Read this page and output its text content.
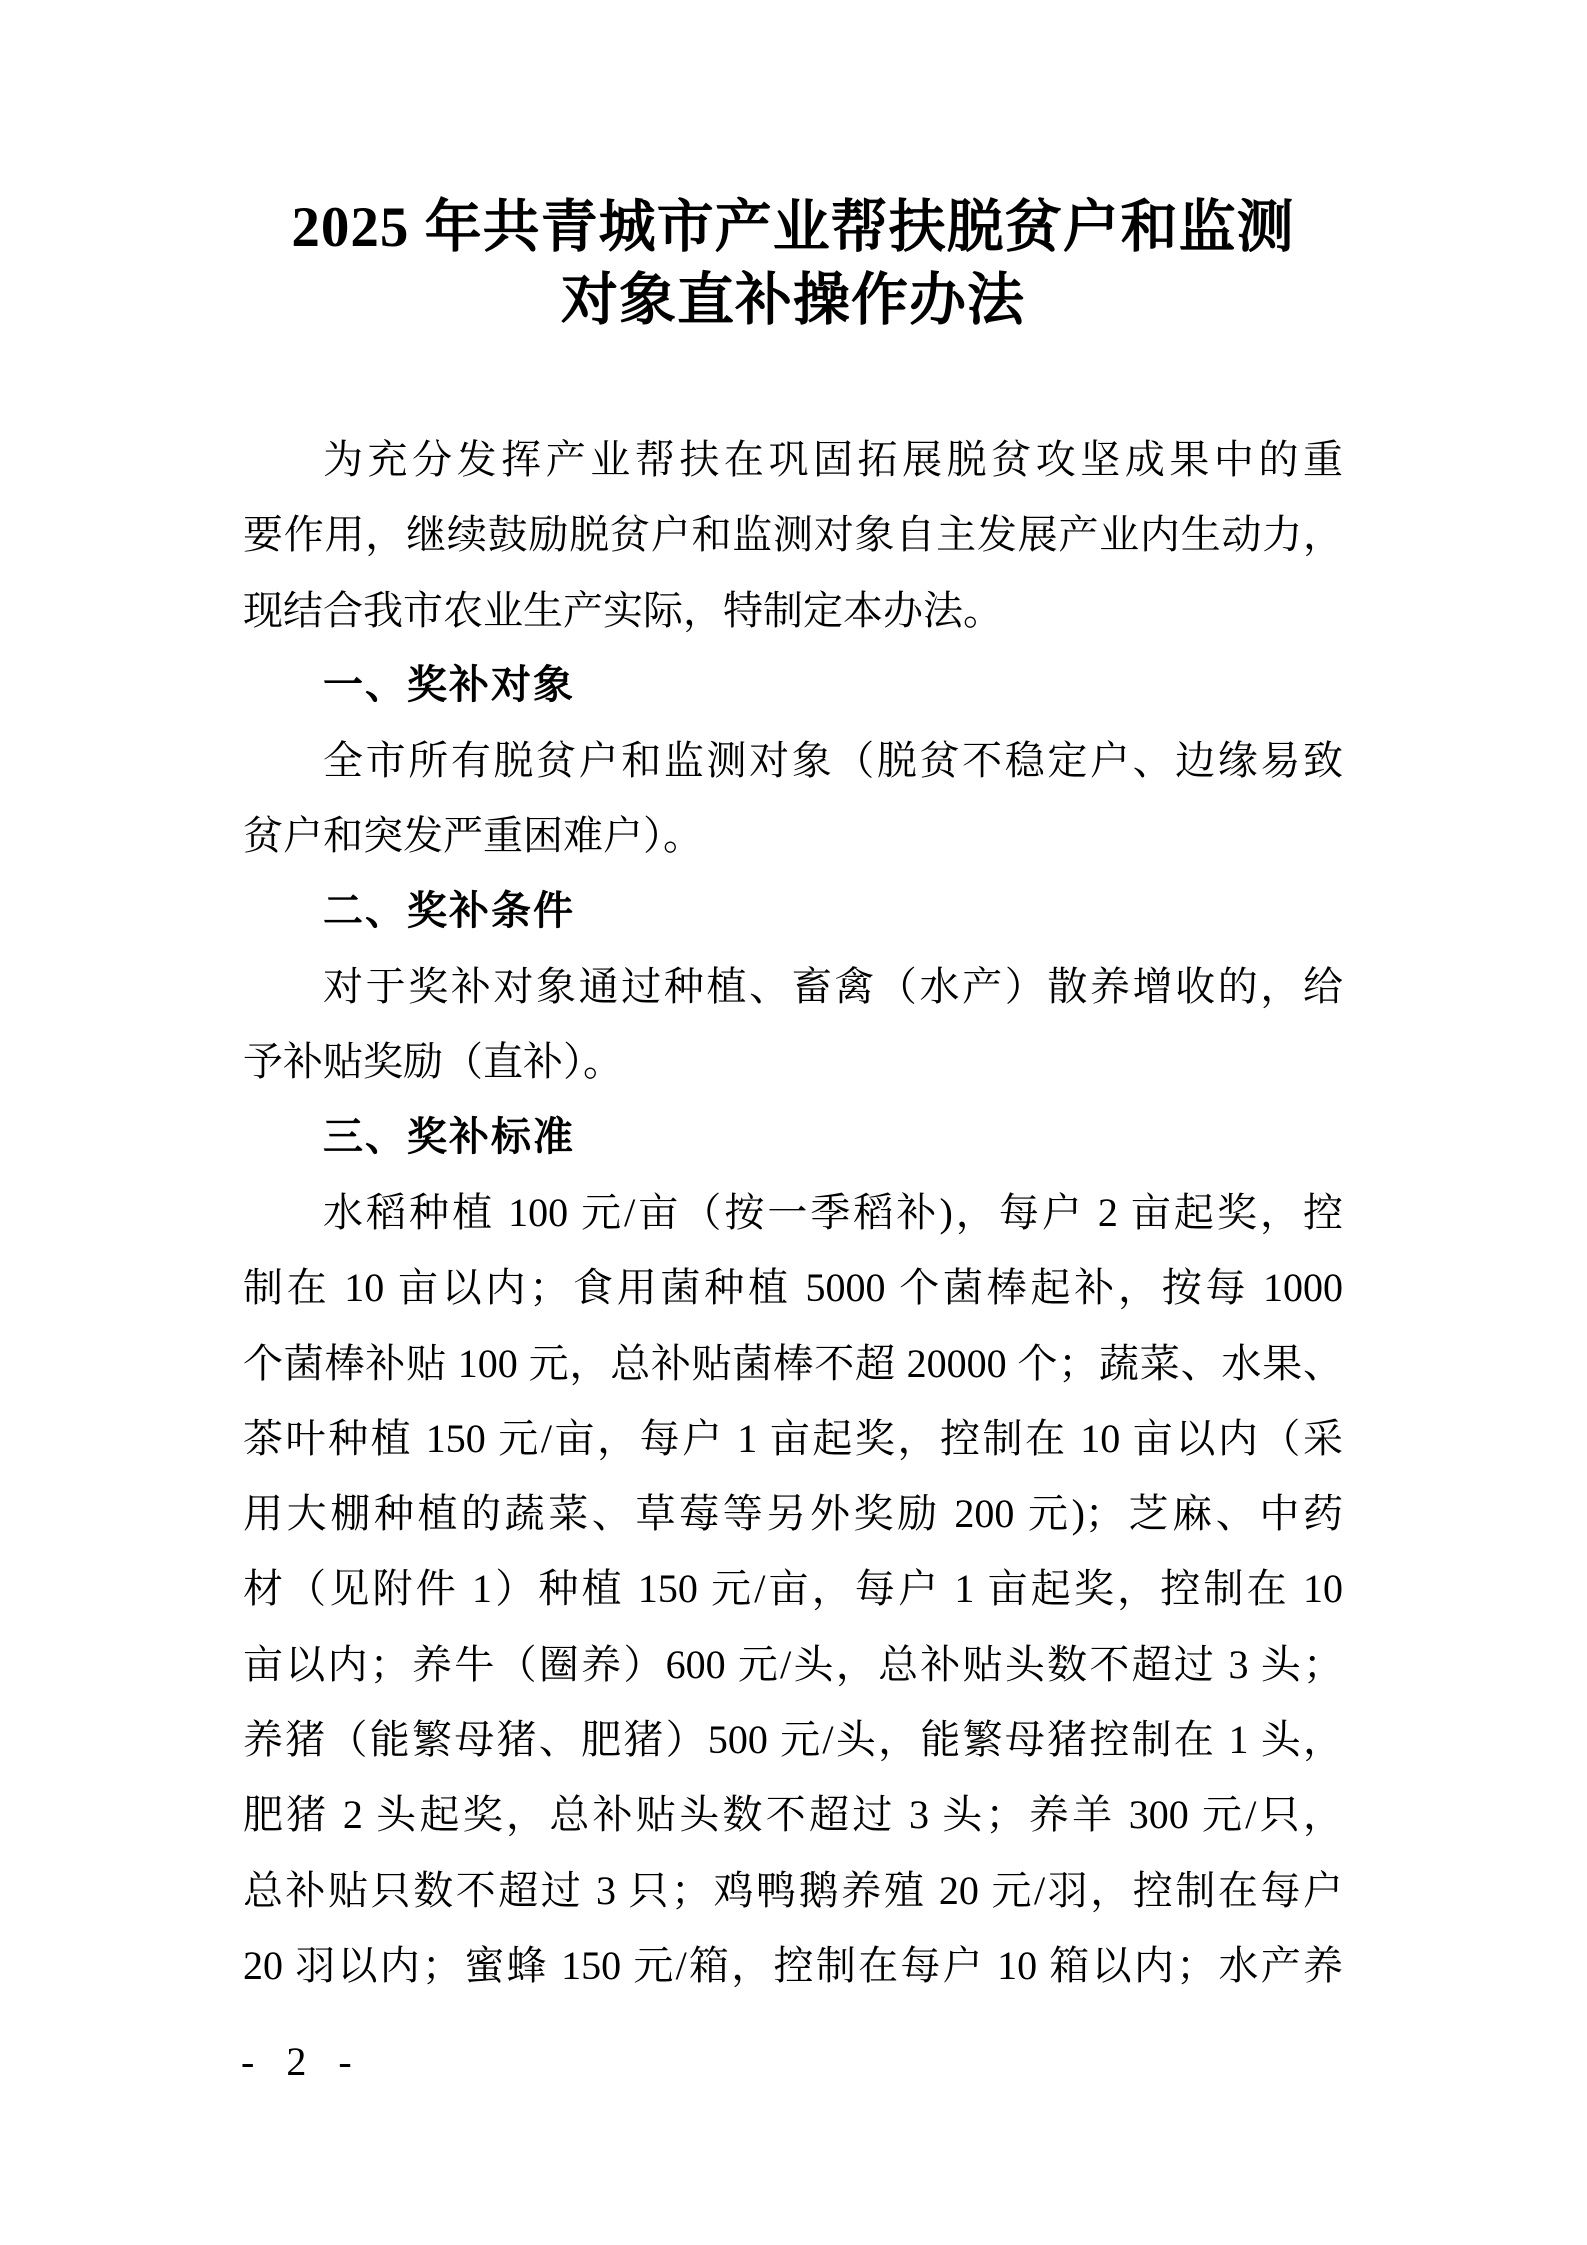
2025 年共青城市产业帮扶脱贫户和监测
对象直补操作办法
为充分发挥产业帮扶在巩固拓展脱贫攻坚成果中的重
要作用，继续鼓励脱贫户和监测对象自主发展产业内生动力，
现结合我市农业生产实际，特制定本办法。
一、奖补对象
全市所有脱贫户和监测对象（脱贫不稳定户、边缘易致
贫户和突发严重困难户）。
二、奖补条件
对于奖补对象通过种植、畜禽（水产）散养增收的，给
予补贴奖励（直补）。
三、奖补标准
水稻种植 100 元/亩（按一季稻补)，每户 2 亩起奖，控
制在 10 亩以内；食用菌种植 5000 个菌棒起补，按每 1000
个菌棒补贴 100 元，总补贴菌棒不超 20000 个；蔬菜、水果、
茶叶种植 150 元/亩，每户 1 亩起奖，控制在 10 亩以内（采
用大棚种植的蔬菜、草莓等另外奖励 200 元)；芝麻、中药
材（见附件 1）种植 150 元/亩，每户 1 亩起奖，控制在 10
亩以内；养牛（圈养）600 元/头，总补贴头数不超过 3 头；
养猪（能繁母猪、肥猪）500 元/头，能繁母猪控制在 1 头，
肥猪 2 头起奖，总补贴头数不超过 3 头；养羊 300 元/只，
总补贴只数不超过 3 只；鸡鸭鹅养殖 20 元/羽，控制在每户
20 羽以内；蜜蜂 150 元/箱，控制在每户 10 箱以内；水产养
- 2 -
